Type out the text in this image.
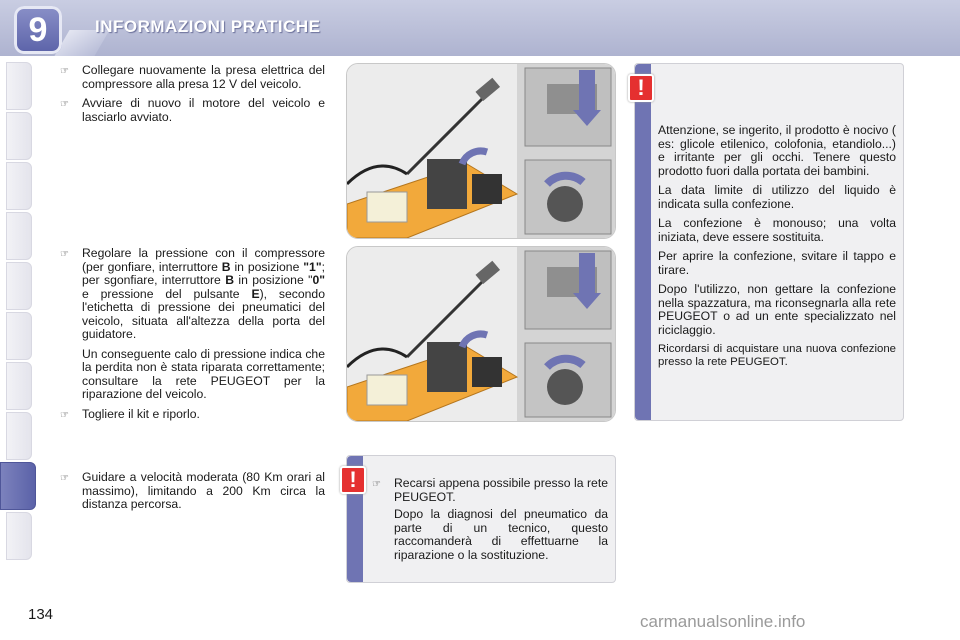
9	INFORMAZIONI PRATICHE
☞	Collegare nuovamente la presa elettrica del compressore alla presa 12 V del veicolo.
☞	Avviare di nuovo il motore del veicolo e lasciarlo avviato.
☞	Regolare la pressione con il compressore (per gonfiare, interruttore B in posizione "1"; per sgonfiare, interruttore B in posizione "0" e pressione del pulsante E), secondo l'etichetta di pressione dei pneumatici del veicolo, situata all'altezza della porta del guidatore.
Un conseguente calo di pressione indica che la perdita non è stata riparata correttamente; consultare la rete PEUGEOT per la riparazione del veicolo.
☞	Togliere il kit e riporlo.
☞	Guidare a velocità moderata (80 Km orari al massimo), limitando a 200 Km circa la distanza percorsa.
!	☞	Recarsi appena possibile presso la rete PEUGEOT.
Dopo la diagnosi del pneumatico da parte di un tecnico, questo raccomanderà di effettuarne la riparazione o la sostituzione.
!

Attenzione, se ingerito, il prodotto è nocivo ( es: glicole etilenico, colofonia, etandiolo...) e irritante per gli occhi. Tenere questo prodotto fuori dalla portata dei bambini.

La data limite di utilizzo del liquido è indicata sulla confezione.

La confezione è monouso; una volta iniziata, deve essere sostituita.

Per aprire la confezione, svitare il tappo e tirare.

Dopo l'utilizzo, non gettare la confezione nella spazzatura, ma riconsegnarla alla rete PEUGEOT o ad un ente specializzato nel riciclaggio.

Ricordarsi di acquistare una nuova confezione presso la rete PEUGEOT.

134	carmanualsonline.info
